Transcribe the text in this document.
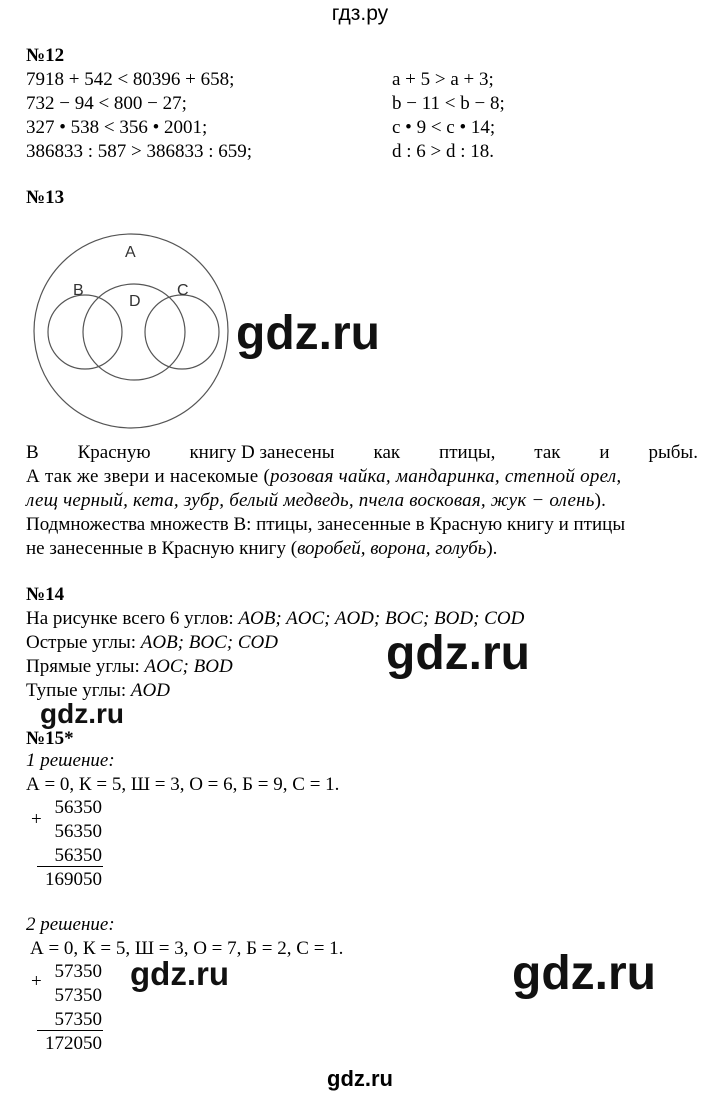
гдз.ру
№12
7918 + 542 < 80396 + 658;
732 − 94 < 800 − 27;
327 • 538 < 356 • 2001;
386833 : 587 > 386833 : 659;
a + 5 > a + 3;
b − 11 < b − 8;
c • 9 < c • 14;
d : 6 > d : 18.
№13
A
B
D
C
gdz.ru
В Красную книгу D занесены как птицы, так и рыбы.
А так же звери и насекомые (розовая чайка, мандаринка, степной орел,
лещ черный, кета, зубр, белый медведь, пчела восковая, жук − олень).
Подмножества множеств В: птицы, занесенные в Красную книгу и птицы
не занесенные в Красную книгу (воробей, ворона, голубь).
№14
На рисунке всего 6 углов: AOB; AOC; AOD; BOC; BOD; COD
Острые углы: AOB; BOC; COD
Прямые углы: AOC; BOD
Тупые углы: AOD
gdz.ru
gdz.ru
№15*
1 решение:
А = 0, К = 5, Ш = 3, О = 6, Б = 9, С = 1.
+
56350
56350
56350
169050
2 решение:
А = 0, К = 5, Ш = 3, О = 7, Б = 2, С = 1.
+ 57350
57350
57350
172050
gdz.ru	gdz.ru
gdz.ru
